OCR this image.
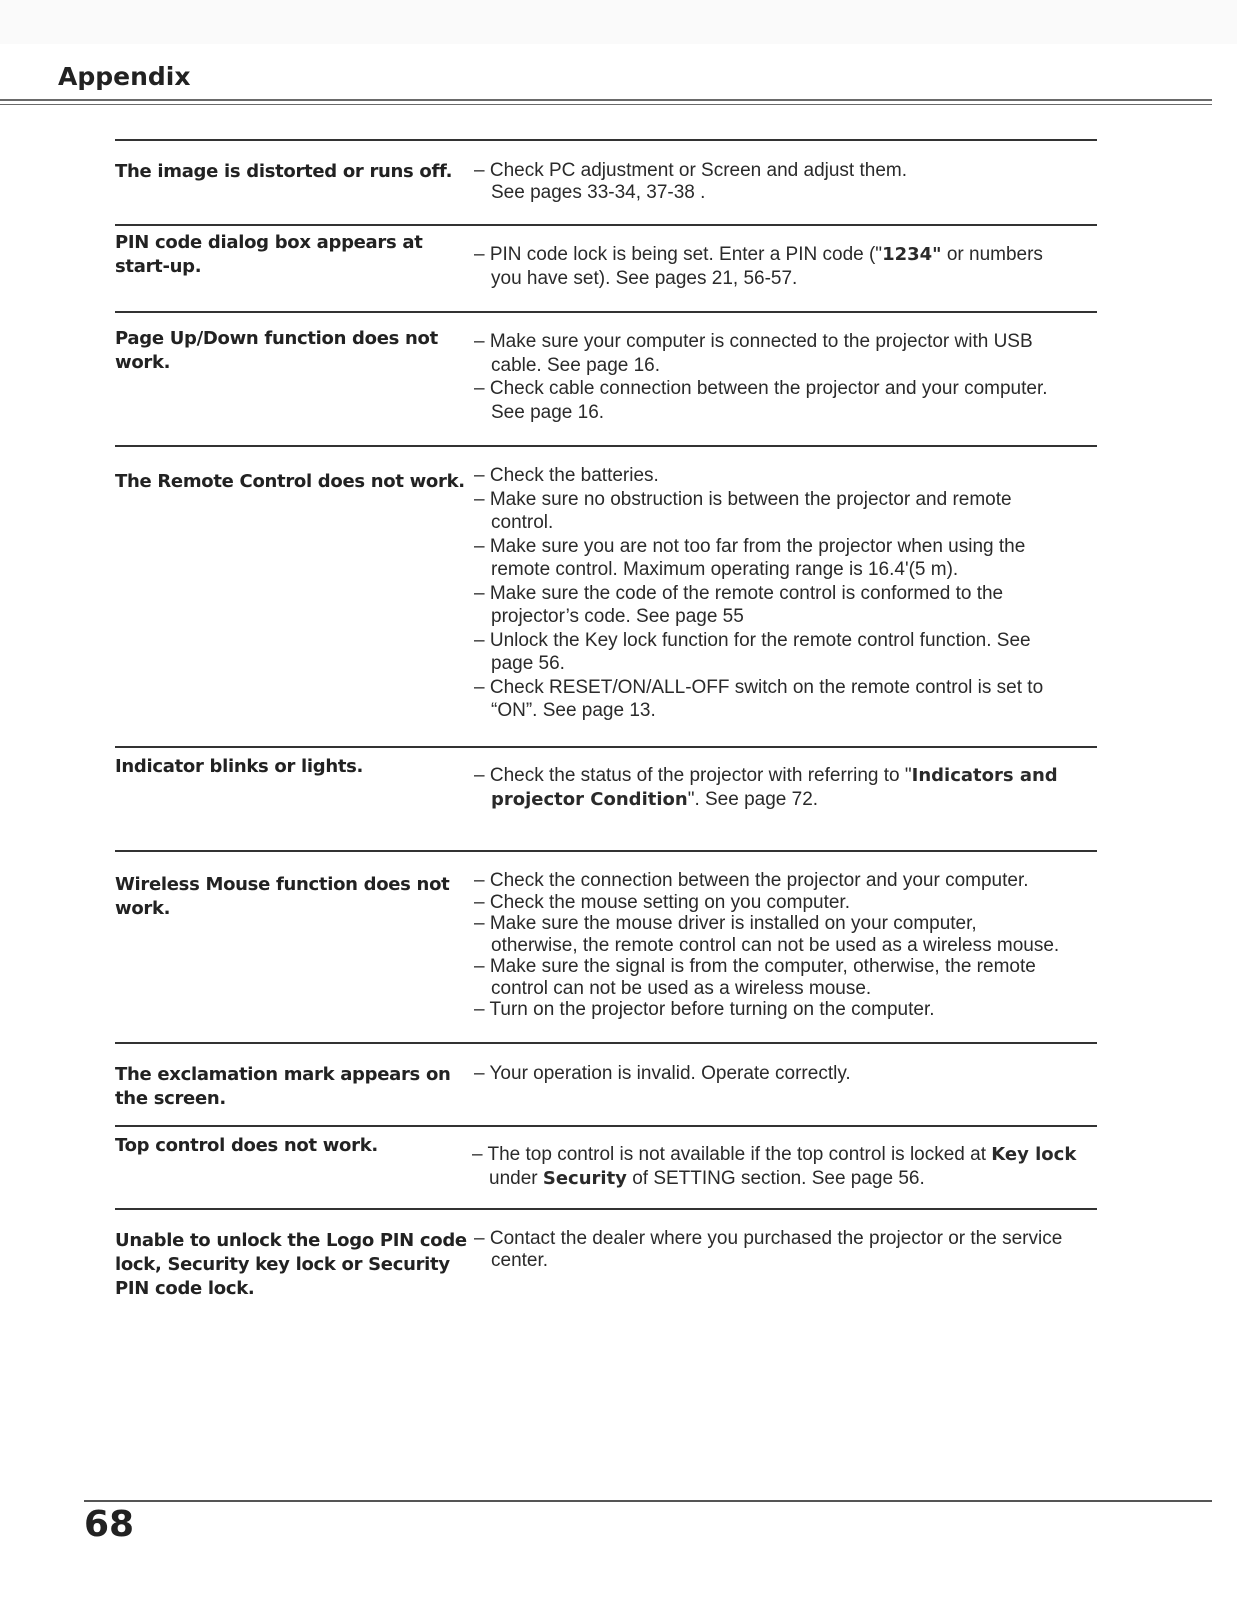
Appendix
The image is distorted or runs off.	– Check PC adjustment or Screen and adjust them.
See pages 33-34, 37-38 .
PIN code dialog box appears at
start-up.
– PIN code lock is being set. Enter a PIN code ("1234" or numbers
you have set). See pages 21, 56-57.
Page Up/Down function does not
work.
– Make sure your computer is connected to the projector with USB
cable. See page 16.
– Check cable connection between the projector and your computer.
See page 16.
The Remote Control does not work. – Check the batteries.
– Make sure no obstruction is between the projector and remote
control.
– Make sure you are not too far from the projector when using the
remote control. Maximum operating range is 16.4'(5 m).
– Make sure the code of the remote control is conformed to the
projector’s code. See page 55
– Unlock the Key lock function for the remote control function. See
page 56.
– Check RESET/ON/ALL-OFF switch on the remote control is set to
“ON”. See page 13.
Indicator blinks or lights.	– Check the status of the projector with referring to "Indicators and
projector Condition". See page 72.
Wireless Mouse function does not
work.
– Check the connection between the projector and your computer.
– Check the mouse setting on you computer.
– Make sure the mouse driver is installed on your computer,
otherwise, the remote control can not be used as a wireless mouse.
– Make sure the signal is from the computer, otherwise, the remote
control can not be used as a wireless mouse.
– Turn on the projector before turning on the computer.
The exclamation mark appears on
the screen.
– Your operation is invalid. Operate correctly.
Top control does not work.	– The top control is not available if the top control is locked at Key lock
under Security of SETTING section. See page 56.
Unable to unlock the Logo PIN code
lock, Security key lock or Security
PIN code lock.
– Contact the dealer where you purchased the projector or the service
center.
68
